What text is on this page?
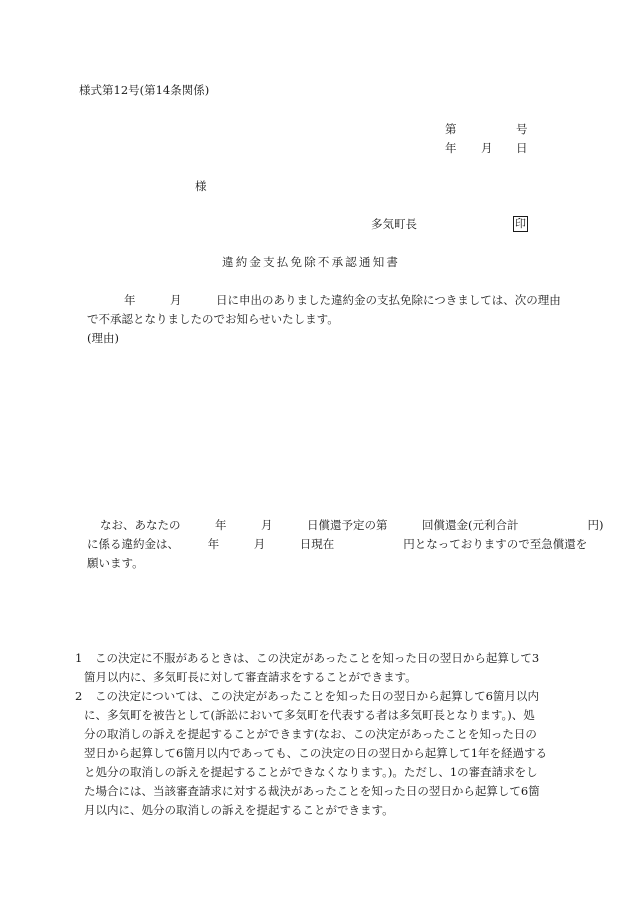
様式第12号(第14条関係)
第	号
年 月 日
様
多気町長	印
違約金支払免除不承認通知書
年　　　月　　　日に申出のありました違約金の支払免除につきましては、次の理由
で不承認となりましたのでお知らせいたします。
(理由)
なお、あなたの　　　年　　　月　　　日償還予定の第　　　回償還金(元利合計　　　　　　円)
に係る違約金は、　　　年　　　月　　　日現在　　　　　　円となっておりますので至急償還を
願います。
1 この決定に不服があるときは、この決定があったことを知った日の翌日から起算して3
箇月以内に、多気町長に対して審査請求をすることができます。
2 この決定については、この決定があったことを知った日の翌日から起算して6箇月以内
に、多気町を被告として(訴訟において多気町を代表する者は多気町長となります。)、処
分の取消しの訴えを提起することができます(なお、この決定があったことを知った日の
翌日から起算して6箇月以内であっても、この決定の日の翌日から起算して1年を経過する
と処分の取消しの訴えを提起することができなくなります。)。ただし、1の審査請求をし
た場合には、当該審査請求に対する裁決があったことを知った日の翌日から起算して6箇
月以内に、処分の取消しの訴えを提起することができます。
